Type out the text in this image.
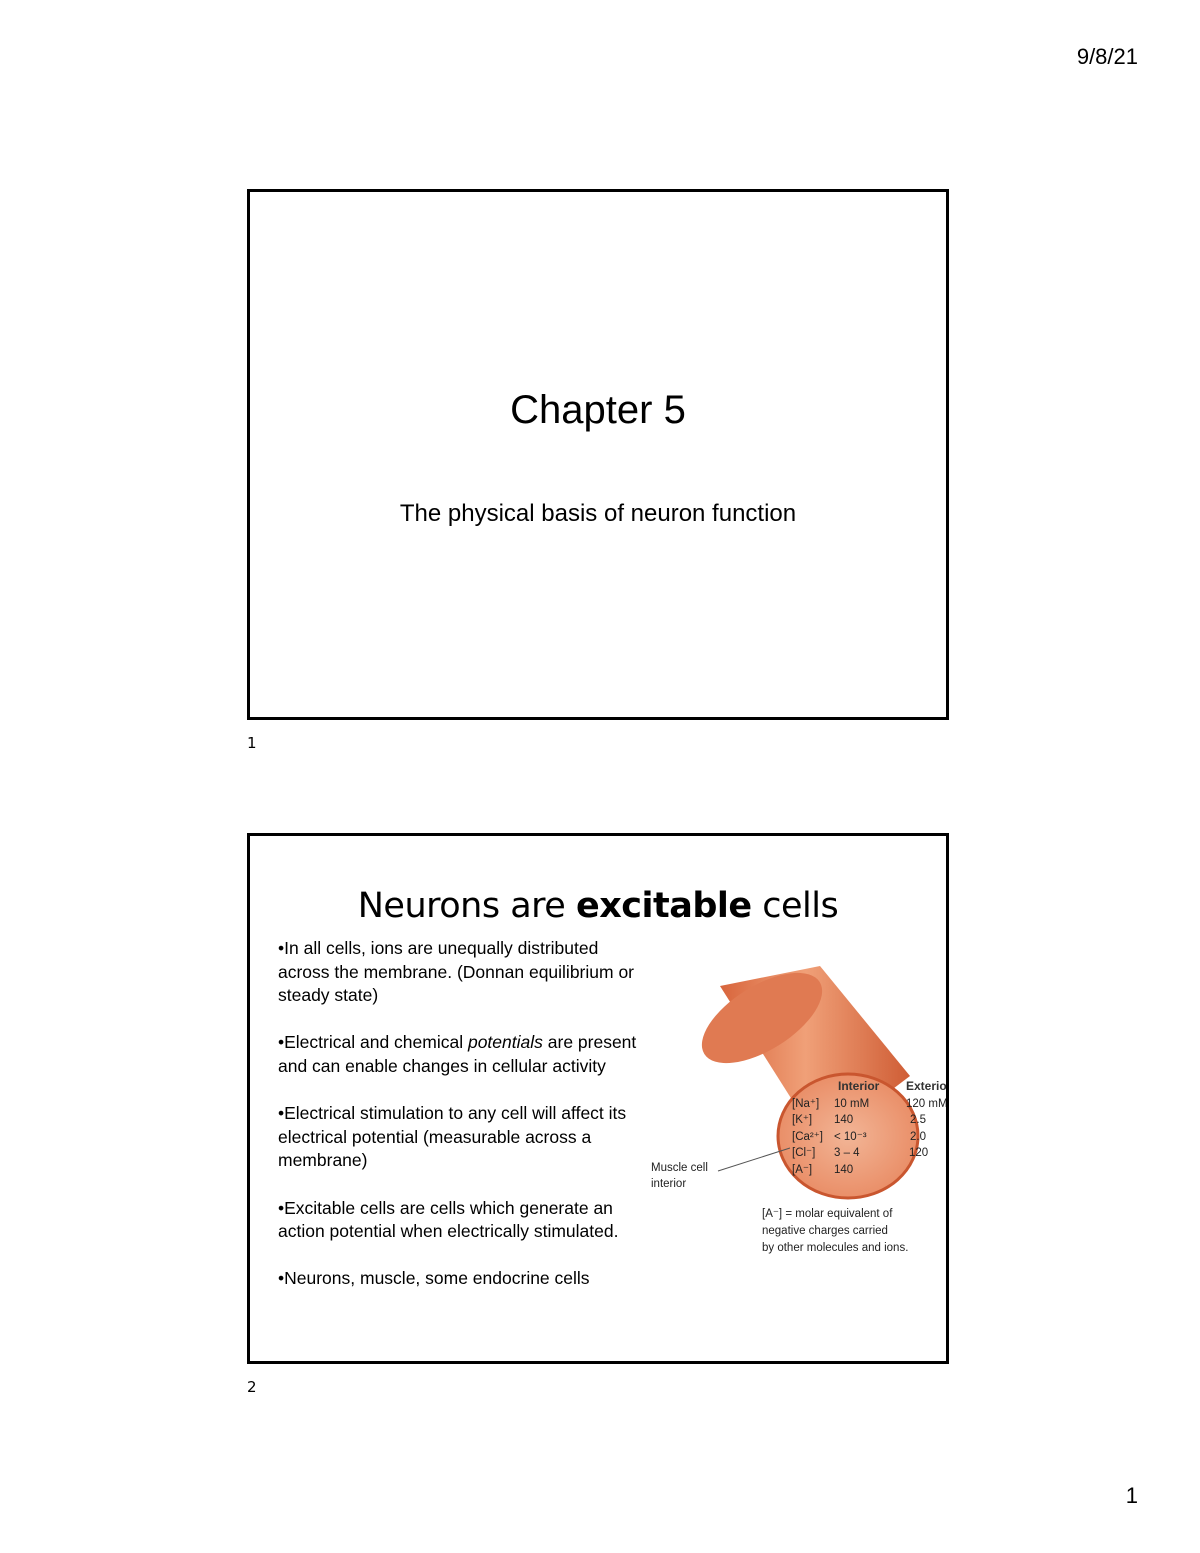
9/8/21
Chapter 5
The physical basis of neuron function
1
Neurons are excitable cells
•In all cells, ions are unequally distributed across the membrane. (Donnan equilibrium or steady state)
•Electrical and chemical potentials are present and can enable changes in cellular activity
•Electrical stimulation to any cell will affect its electrical potential (measurable across a membrane)
•Excitable cells are cells which generate an action potential when electrically stimulated.
•Neurons, muscle, some endocrine cells
Interior Exterior
[Na⁺] 10 mM	120 mM
[K⁺] 140	2.5
[Ca²⁺] < 10⁻³	2.0
[Cl⁻] 3 – 4	120
[A⁻] 140
Muscle cell
interior
[A⁻] = molar equivalent of
negative charges carried
by other molecules and ions.
2
1
